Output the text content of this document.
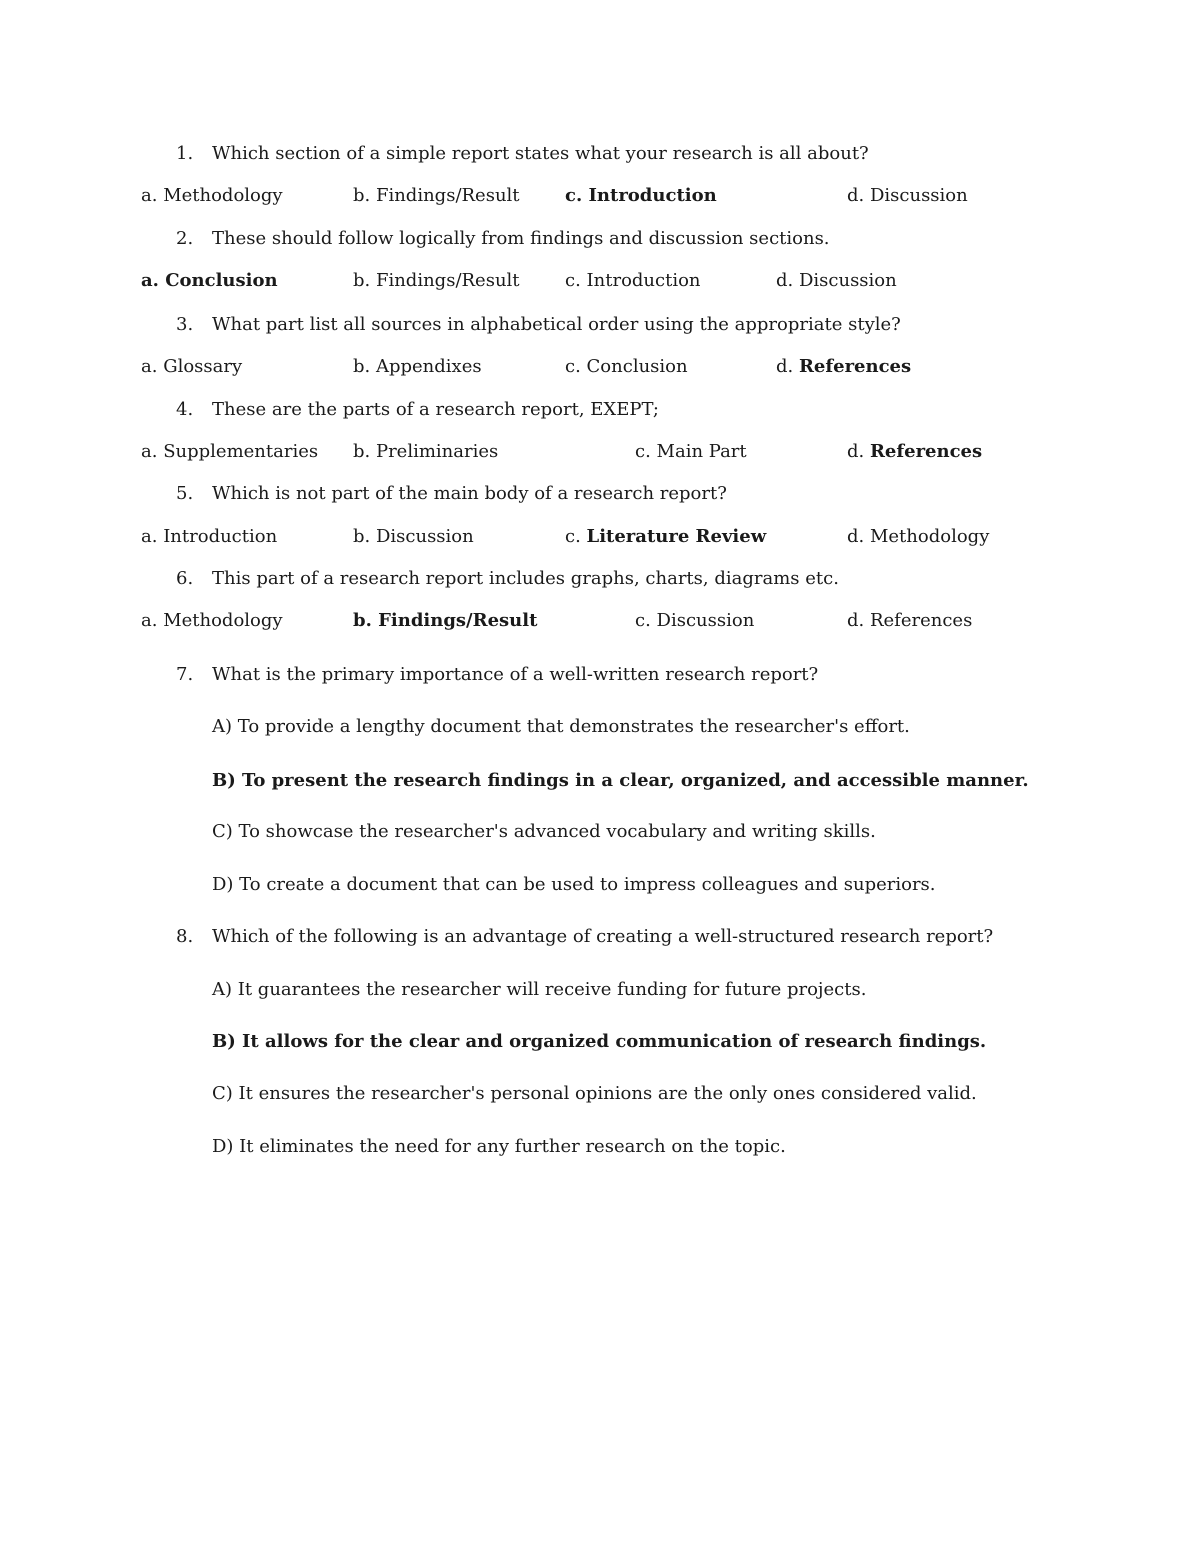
1. Which section of a simple report states what your research is all about?
a. Methodology	b. Findings/Result	c. Introduction	d. Discussion
2. These should follow logically from findings and discussion sections.
a. Conclusion	b. Findings/Result	c. Introduction	d. Discussion
3. What part list all sources in alphabetical order using the appropriate style?
a. Glossary	b. Appendixes	c. Conclusion	d. References
4. These are the parts of a research report, EXEPT;
a. Supplementaries b. Preliminaries	c. Main Part	d. References
5. Which is not part of the main body of a research report?
a. Introduction	b. Discussion	c. Literature Review	d. Methodology
6. This part of a research report includes graphs, charts, diagrams etc.
a. Methodology	b. Findings/Result	c. Discussion	d. References
7. What is the primary importance of a well-written research report?
A) To provide a lengthy document that demonstrates the researcher's effort.
B) To present the research findings in a clear, organized, and accessible manner.
C) To showcase the researcher's advanced vocabulary and writing skills.
D) To create a document that can be used to impress colleagues and superiors.
8. Which of the following is an advantage of creating a well-structured research report?
A) It guarantees the researcher will receive funding for future projects.
B) It allows for the clear and organized communication of research findings.
C) It ensures the researcher's personal opinions are the only ones considered valid.
D) It eliminates the need for any further research on the topic.
